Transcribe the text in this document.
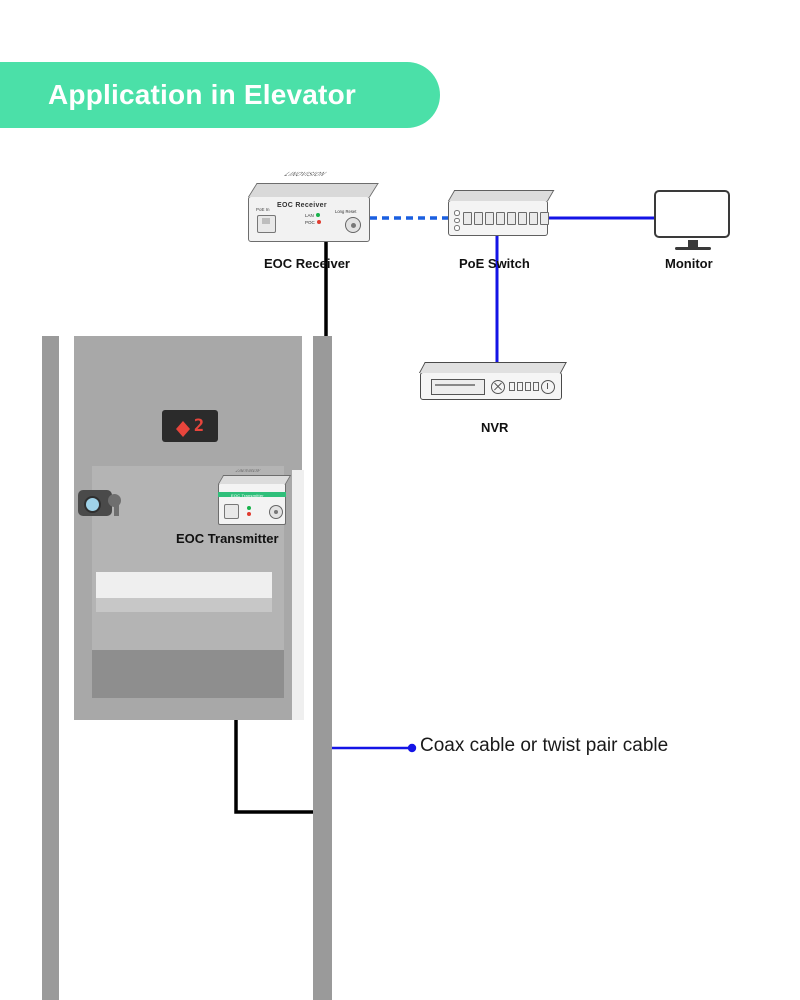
Application in Elevator
2
LINOVISION
EOC Transmitter
LINOVISION
EOC Receiver
PoE In
LAN
POC
Long Reset
EOC Receiver	PoE Switch	Monitor
NVR
EOC Transmitter
Coax cable or twist pair cable
